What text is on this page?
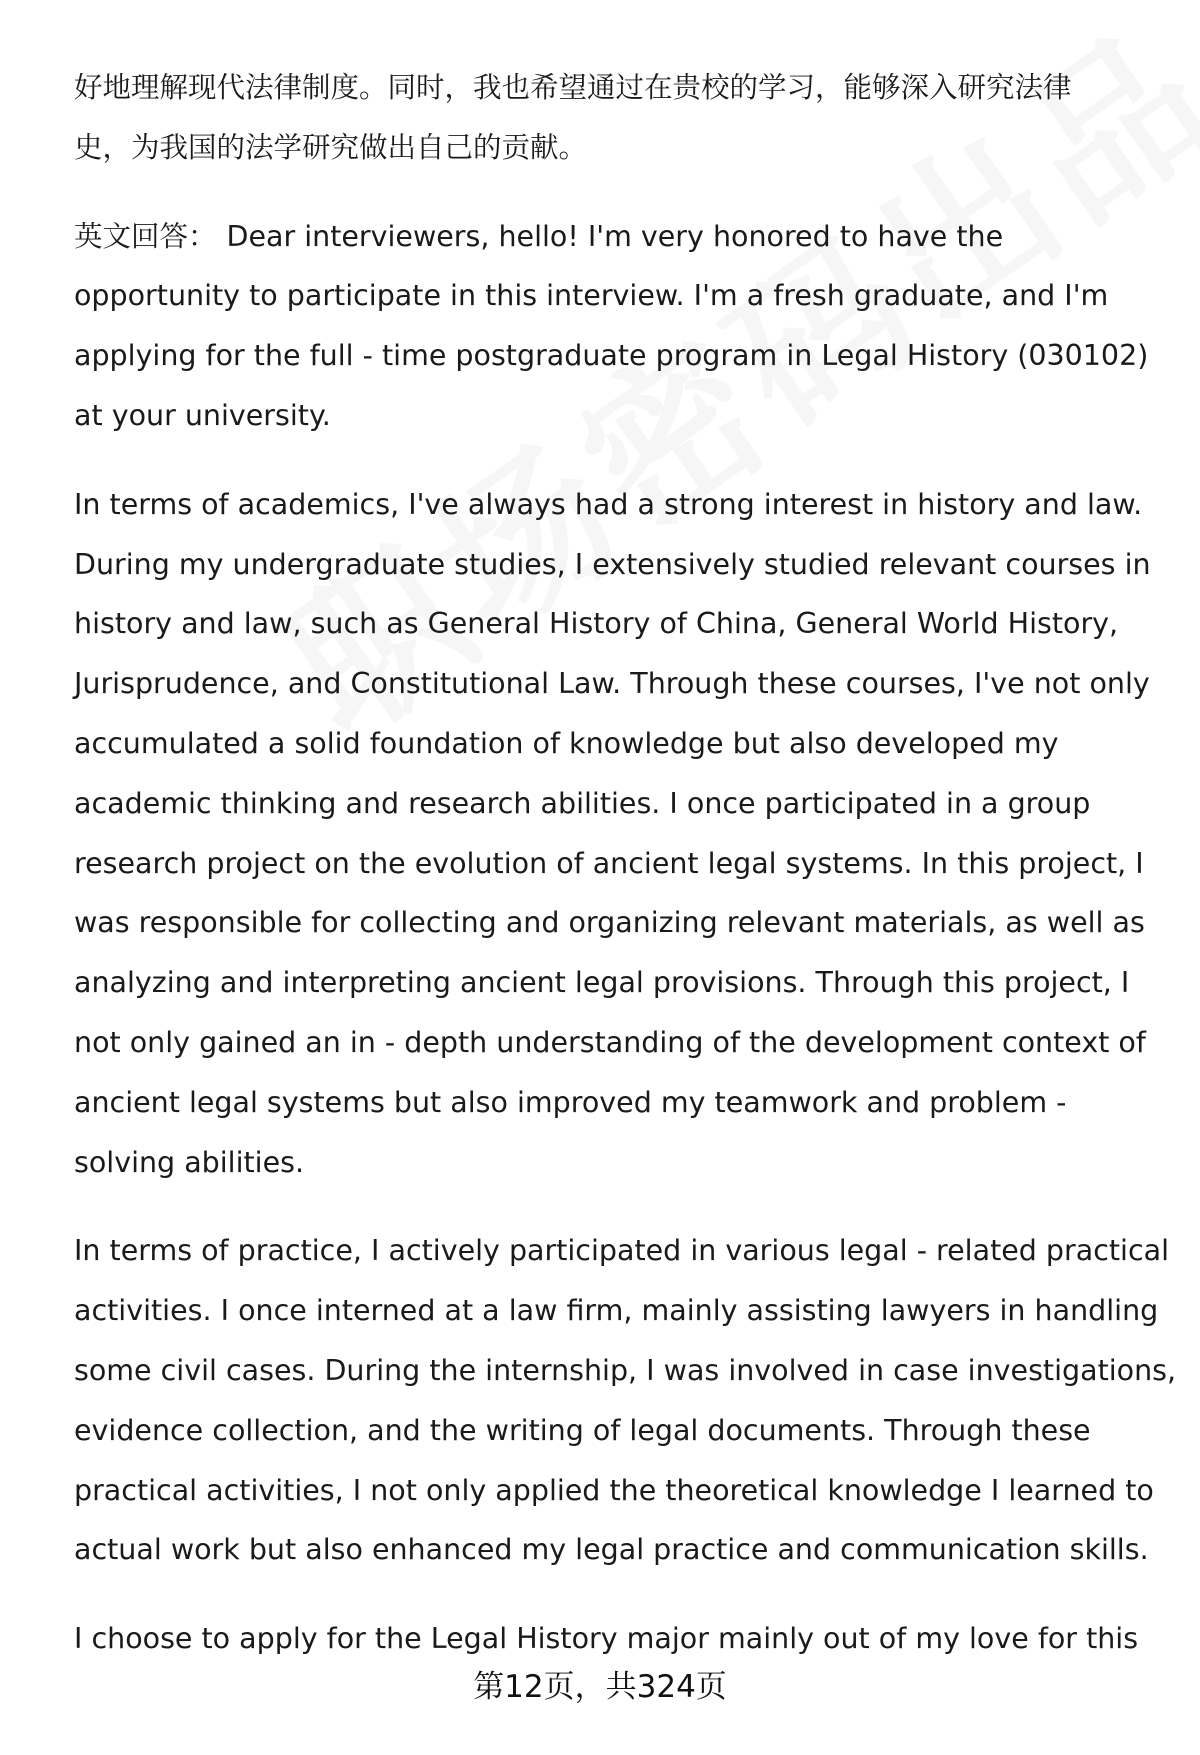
好地理解现代法律制度。同时，我也希望通过在贵校的学习，能够深入研究法律
史，为我国的法学研究做出自己的贡献。

英文回答： Dear interviewers, hello! I'm very honored to have the
opportunity to participate in this interview. I'm a fresh graduate, and I'm
applying for the full - time postgraduate program in Legal History (030102)
at your university.

In terms of academics, I've always had a strong interest in history and law.
During my undergraduate studies, I extensively studied relevant courses in
history and law, such as General History of China, General World History,
Jurisprudence, and Constitutional Law. Through these courses, I've not only
accumulated a solid foundation of knowledge but also developed my
academic thinking and research abilities. I once participated in a group
research project on the evolution of ancient legal systems. In this project, I
was responsible for collecting and organizing relevant materials, as well as
analyzing and interpreting ancient legal provisions. Through this project, I
not only gained an in - depth understanding of the development context of
ancient legal systems but also improved my teamwork and problem -
solving abilities.

In terms of practice, I actively participated in various legal - related practical
activities. I once interned at a law firm, mainly assisting lawyers in handling
some civil cases. During the internship, I was involved in case investigations,
evidence collection, and the writing of legal documents. Through these
practical activities, I not only applied the theoretical knowledge I learned to
actual work but also enhanced my legal practice and communication skills.

I choose to apply for the Legal History major mainly out of my love for this

第12页，共324页
